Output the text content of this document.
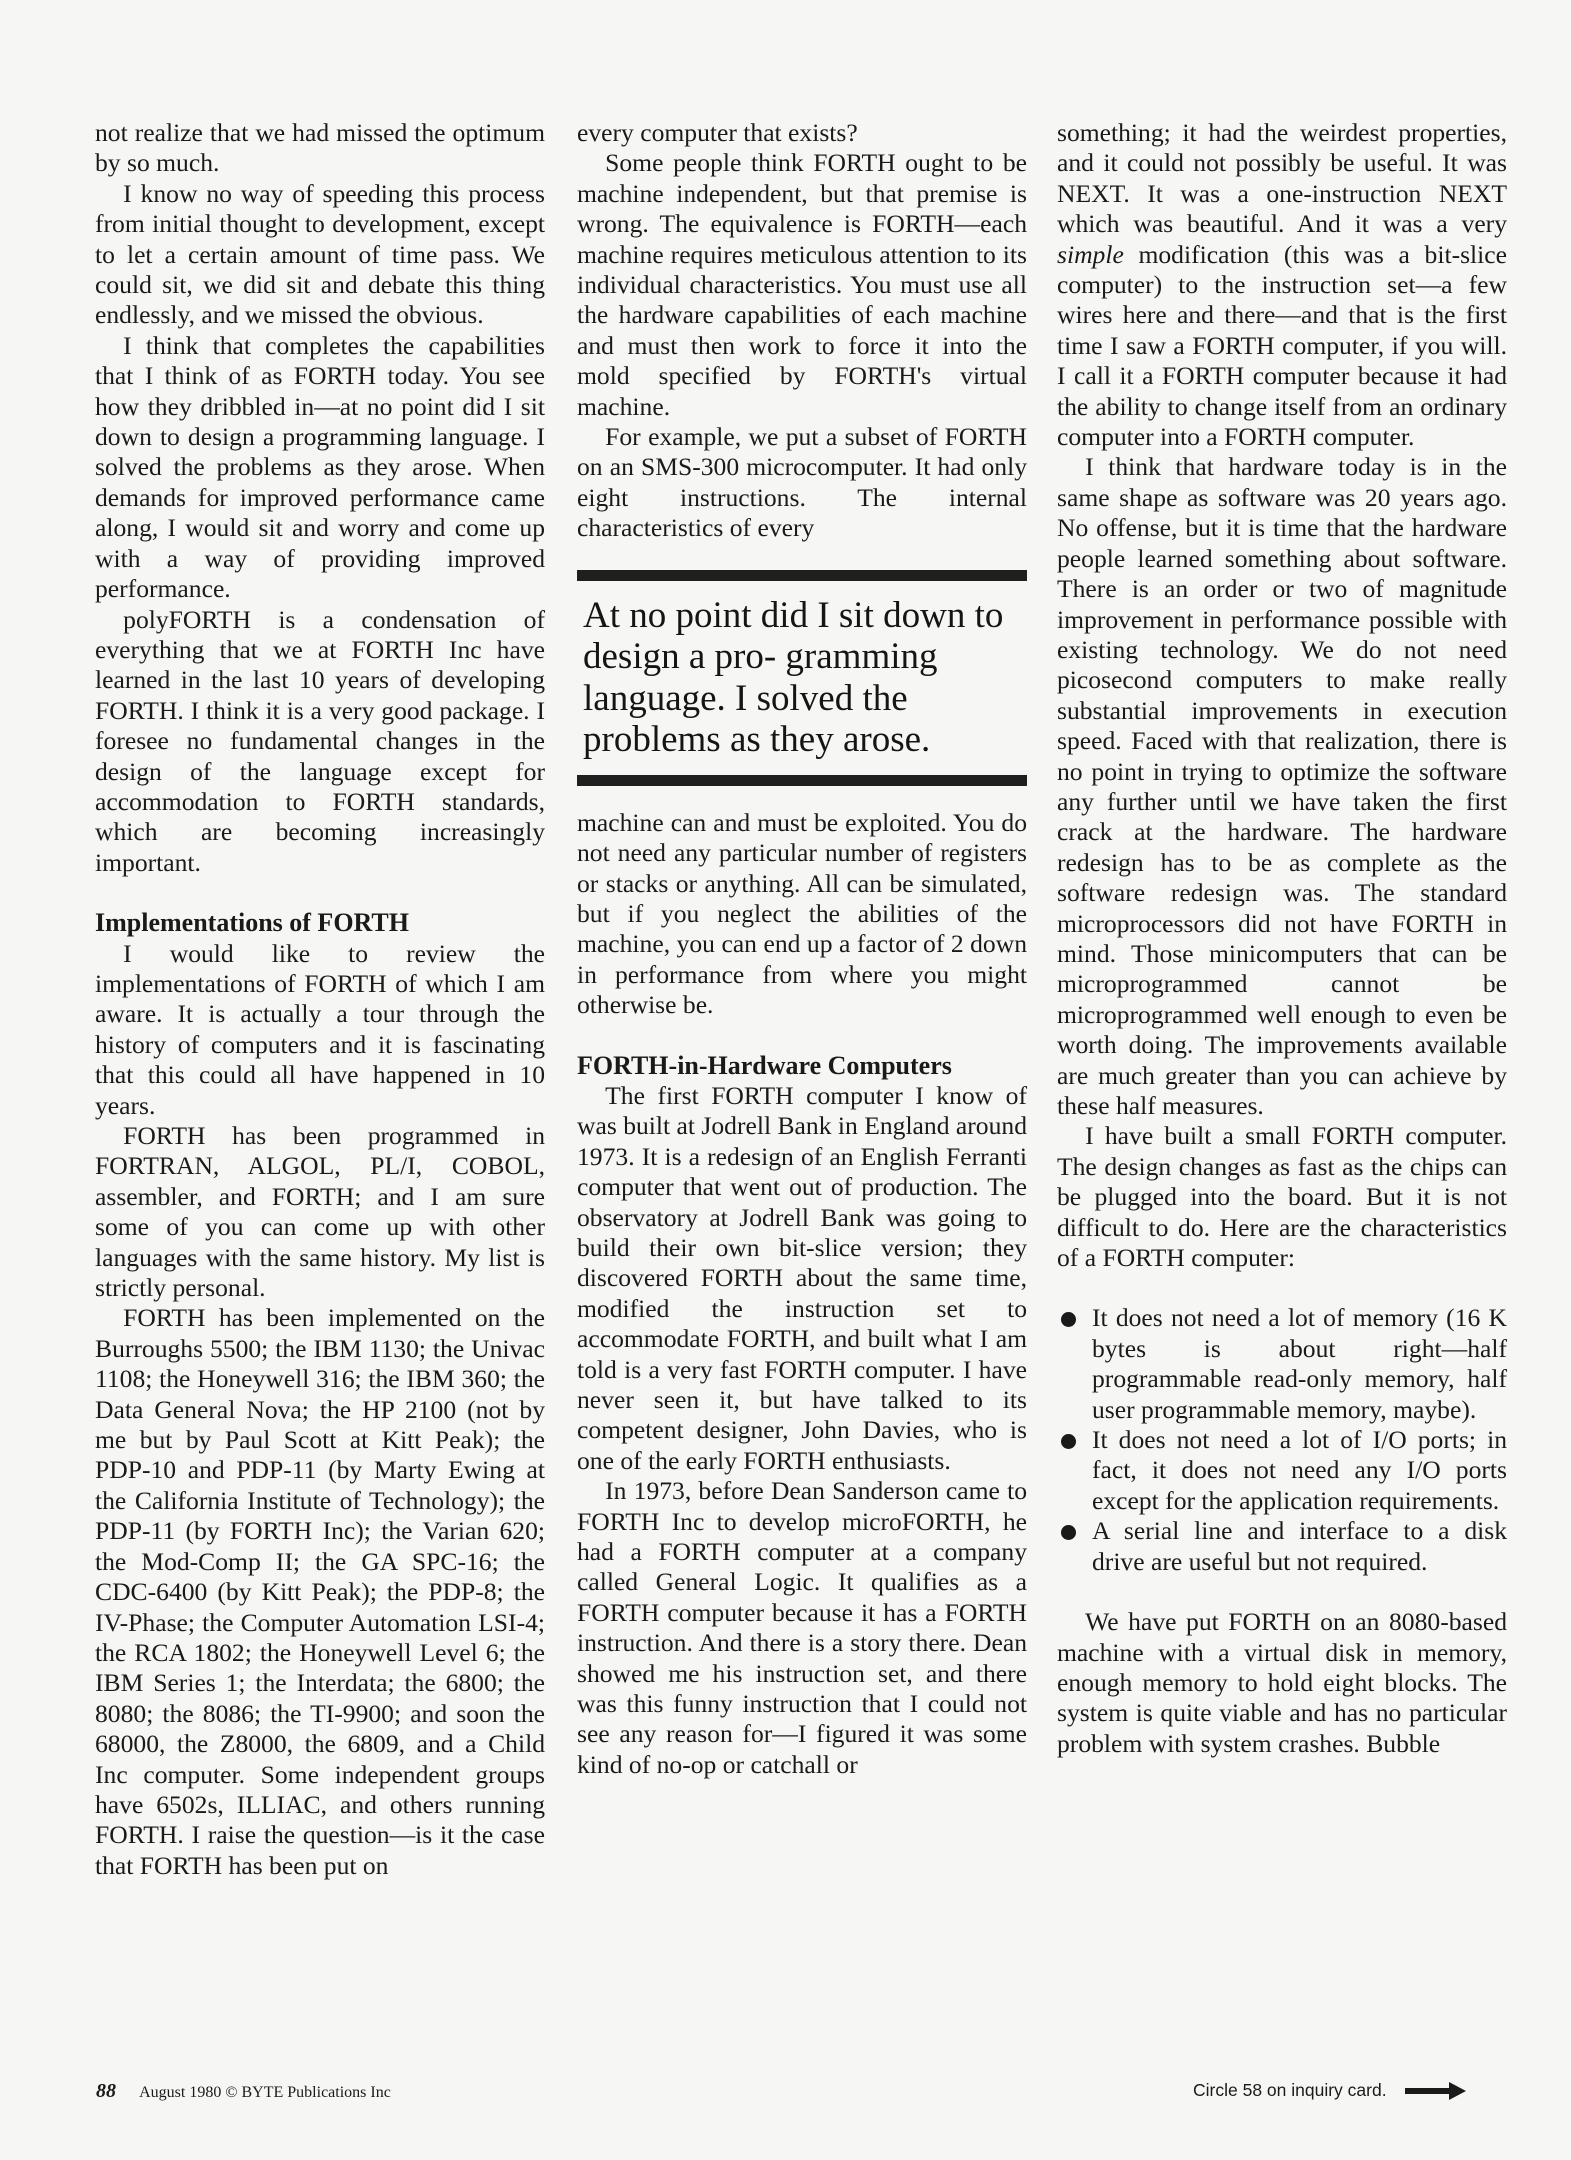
not realize that we had missed the optimum by so much.

I know no way of speeding this process from initial thought to development, except to let a certain amount of time pass. We could sit, we did sit and debate this thing endlessly, and we missed the obvious.

I think that completes the capabilities that I think of as FORTH today. You see how they dribbled in—at no point did I sit down to design a programming language. I solved the problems as they arose. When demands for improved performance came along, I would sit and worry and come up with a way of providing improved performance.

polyFORTH is a condensation of everything that we at FORTH Inc have learned in the last 10 years of developing FORTH. I think it is a very good package. I foresee no fundamental changes in the design of the language except for accommodation to FORTH standards, which are becoming increasingly important.

Implementations of FORTH

I would like to review the implementations of FORTH of which I am aware. It is actually a tour through the history of computers and it is fascinating that this could all have happened in 10 years.

FORTH has been programmed in FORTRAN, ALGOL, PL/I, COBOL, assembler, and FORTH; and I am sure some of you can come up with other languages with the same history. My list is strictly personal.

FORTH has been implemented on the Burroughs 5500; the IBM 1130; the Univac 1108; the Honeywell 316; the IBM 360; the Data General Nova; the HP 2100 (not by me but by Paul Scott at Kitt Peak); the PDP-10 and PDP-11 (by Marty Ewing at the California Institute of Technology); the PDP-11 (by FORTH Inc); the Varian 620; the Mod-Comp II; the GA SPC-16; the CDC-6400 (by Kitt Peak); the PDP-8; the IV-Phase; the Computer Automation LSI-4; the RCA 1802; the Honeywell Level 6; the IBM Series 1; the Interdata; the 6800; the 8080; the 8086; the TI-9900; and soon the 68000, the Z8000, the 6809, and a Child Inc computer. Some independent groups have 6502s, ILLIAC, and others running FORTH. I raise the question—is it the case that FORTH has been put on

every computer that exists?

Some people think FORTH ought to be machine independent, but that premise is wrong. The equivalence is FORTH—each machine requires meticulous attention to its individual characteristics. You must use all the hardware capabilities of each machine and must then work to force it into the mold specified by FORTH's virtual machine.

For example, we put a subset of FORTH on an SMS-300 microcomputer. It had only eight instructions. The internal characteristics of every

At no point did I sit down to design a pro- gramming language. I solved the problems as they arose.

machine can and must be exploited. You do not need any particular number of registers or stacks or anything. All can be simulated, but if you neglect the abilities of the machine, you can end up a factor of 2 down in performance from where you might otherwise be.

FORTH-in-Hardware Computers

The first FORTH computer I know of was built at Jodrell Bank in England around 1973. It is a redesign of an English Ferranti computer that went out of production. The observatory at Jodrell Bank was going to build their own bit-slice version; they discovered FORTH about the same time, modified the instruction set to accommodate FORTH, and built what I am told is a very fast FORTH computer. I have never seen it, but have talked to its competent designer, John Davies, who is one of the early FORTH enthusiasts.

In 1973, before Dean Sanderson came to FORTH Inc to develop microFORTH, he had a FORTH computer at a company called General Logic. It qualifies as a FORTH computer because it has a FORTH instruction. And there is a story there. Dean showed me his instruction set, and there was this funny instruction that I could not see any reason for—I figured it was some kind of no-op or catchall or

something; it had the weirdest properties, and it could not possibly be useful. It was NEXT. It was a one-instruction NEXT which was beautiful. And it was a very simple modification (this was a bit-slice computer) to the instruction set—a few wires here and there—and that is the first time I saw a FORTH computer, if you will. I call it a FORTH computer because it had the ability to change itself from an ordinary computer into a FORTH computer.

I think that hardware today is in the same shape as software was 20 years ago. No offense, but it is time that the hardware people learned something about software. There is an order or two of magnitude improvement in performance possible with existing technology. We do not need picosecond computers to make really substantial improvements in execution speed. Faced with that realization, there is no point in trying to optimize the software any further until we have taken the first crack at the hardware. The hardware redesign has to be as complete as the software redesign was. The standard microprocessors did not have FORTH in mind. Those minicomputers that can be microprogrammed cannot be microprogrammed well enough to even be worth doing. The improvements available are much greater than you can achieve by these half measures.

I have built a small FORTH computer. The design changes as fast as the chips can be plugged into the board. But it is not difficult to do. Here are the characteristics of a FORTH computer:

It does not need a lot of memory (16 K bytes is about right—half programmable read-only memory, half user programmable memory, maybe).
It does not need a lot of I/O ports; in fact, it does not need any I/O ports except for the application requirements.
A serial line and interface to a disk drive are useful but not required.

We have put FORTH on an 8080-based machine with a virtual disk in memory, enough memory to hold eight blocks. The system is quite viable and has no particular problem with system crashes. Bubble

88 August 1980 © BYTE Publications Inc	Circle 58 on inquiry card.
